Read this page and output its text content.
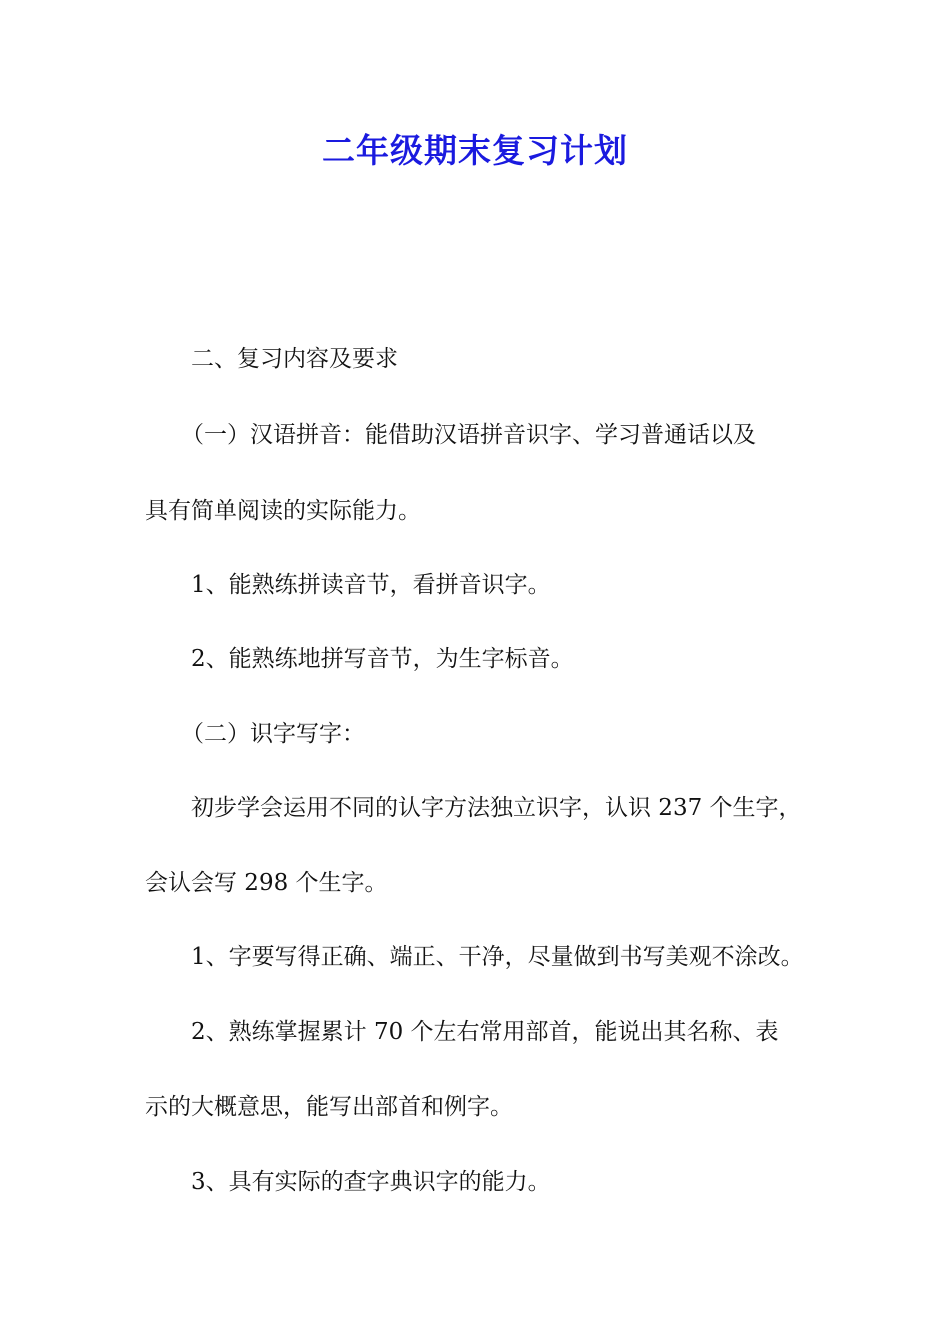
二年级期末复习计划
二、复习内容及要求
（一）汉语拼音：能借助汉语拼音识字、学习普通话以及
具有简单阅读的实际能力。
1、能熟练拼读音节，看拼音识字。
2、能熟练地拼写音节，为生字标音。
（二）识字写字：
初步学会运用不同的认字方法独立识字，认识 237 个生字，
会认会写 298 个生字。
1、字要写得正确、端正、干净，尽量做到书写美观不涂改。
2、熟练掌握累计 70 个左右常用部首，能说出其名称、表
示的大概意思，能写出部首和例字。
3、具有实际的查字典识字的能力。
